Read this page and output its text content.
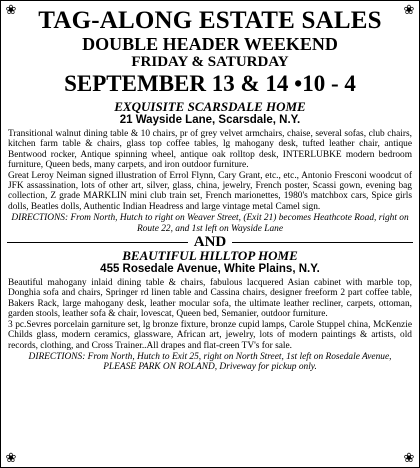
❀	❀
❀	❀
TAG-ALONG ESTATE SALES
DOUBLE HEADER WEEKEND
FRIDAY & SATURDAY
SEPTEMBER 13 & 14 •10 - 4
EXQUISITE SCARSDALE HOME
21 Wayside Lane, Scarsdale, N.Y.
Transitional walnut dining table & 10 chairs, pr of grey velvet armchairs, chaise, several sofas, club chairs, kitchen farm table & chairs, glass top coffee tables, lg mahogany desk, tufted leather chair, antique Bentwood rocker, Antique spinning wheel, antique oak rolltop desk, INTERLUBKE modern bedroom furniture, Queen beds, many carpets, and iron outdoor furniture.
Great Leroy Neiman signed illustration of Errol Flynn, Cary Grant, etc., etc., Antonio Fresconi woodcut of JFK assassination, lots of other art, silver, glass, china, jewelry, French poster, Scassi gown, evening bag collection, Z grade MARKLIN mini club train set, French marionettes, 1980's matchbox cars, Spice girls dolls, Beatles dolls, Authentic Indian Headress and large vintage metal Camel sign.
DIRECTIONS: From North, Hutch to right on Weaver Street, (Exit 21) becomes Heathcote Road, right on Route 22, and 1st left on Wayside Lane
AND
BEAUTIFUL HILLTOP HOME
455 Rosedale Avenue, White Plains, N.Y.
Beautiful mahogany inlaid dining table & chairs, fabulous lacquered Asian cabinet with marble top, Donghia sofa and chairs, Springer rd linen table and Cassina chairs, designer freeform 2 part coffee table, Bakers Rack, large mahogany desk, leather mocular sofa, the ultimate leather recliner, carpets, ottoman, garden stools, leather sofa & chair, lovescat, Queen bed, Semanier, outdoor furniture.
3 pc.Sevres porcelain garniture set, lg bronze fixture, bronze cupid lamps, Carole Stuppel china, McKenzie Childs glass, modern ceramics, glassware, African art, jewelry, lots of modern paintings & artists, old records, clothing, and Cross Trainer..All drapes and flat-creen TV's for sale.
DIRECTIONS: From North, Hutch to Exit 25, right on North Street, 1st left on Rosedale Avenue, PLEASE PARK ON ROLAND, Driveway for pickup only.
